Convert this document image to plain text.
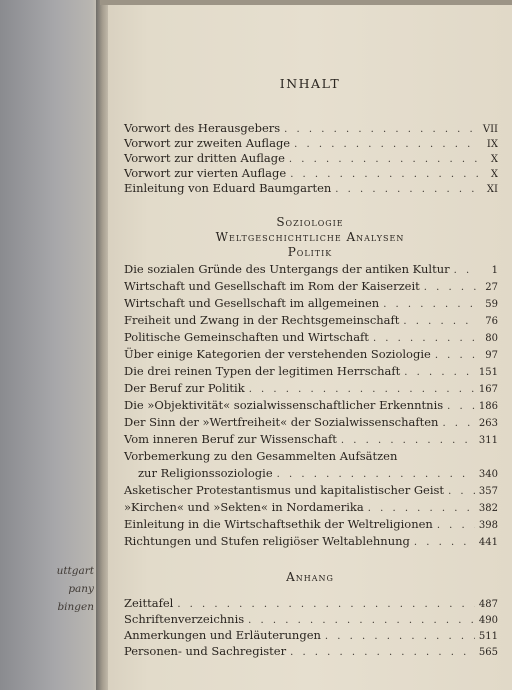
uttgart
pany
bingen
INHALT
Vorwort des Herausgebers . . .	VII
Vorwort zur zweiten Auflage . . .	IX
Vorwort zur dritten Auflage . . .	X
Vorwort zur vierten Auflage . . .	X
Einleitung von Eduard Baumgarten . . .	XI
Soziologie
Weltgeschichtliche Analysen
Politik
Die sozialen Gründe des Untergangs der antiken Kultur . . .	1
Wirtschaft und Gesellschaft im Rom der Kaiserzeit . . .	27
Wirtschaft und Gesellschaft im allgemeinen . . .	59
Freiheit und Zwang in der Rechtsgemeinschaft . . .	76
Politische Gemeinschaften und Wirtschaft . . .	80
Über einige Kategorien der verstehenden Soziologie . . .	97
Die drei reinen Typen der legitimen Herrschaft . . .	151
Der Beruf zur Politik . . .	167
Die »Objektivität« sozialwissenschaftlicher Erkenntnis . . .	186
Der Sinn der »Wertfreiheit« der Sozialwissenschaften . . .	263
Vom inneren Beruf zur Wissenschaft . . .	311
Vorbemerkung zu den Gesammelten Aufsätzen
zur Religionssoziologie . . .	340
Asketischer Protestantismus und kapitalistischer Geist . . .	357
»Kirchen« und »Sekten« in Nordamerika . . .	382
Einleitung in die Wirtschaftsethik der Weltreligionen . . .	398
Richtungen und Stufen religiöser Weltablehnung . . .	441
Anhang
Zeittafel . . .	487
Schriftenverzeichnis . . .	490
Anmerkungen und Erläuterungen . . .	511
Personen- und Sachregister . . .	565
